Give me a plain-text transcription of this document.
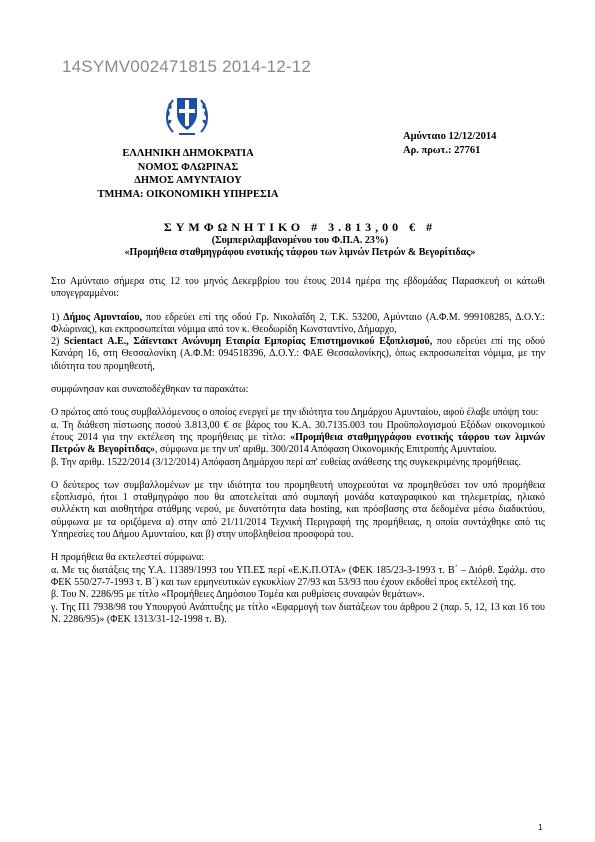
14SYMV002471815 2014-12-12
ΕΛΛΗΝΙΚΗ ΔΗΜΟΚΡΑΤΙΑ
ΝΟΜΟΣ ΦΛΩΡΙΝΑΣ
ΔΗΜΟΣ ΑΜΥΝΤΑΙΟΥ
ΤΜΗΜΑ: ΟΙΚΟΝΟΜΙΚΗ ΥΠΗΡΕΣΙΑ
Αμύνταιο 12/12/2014
Αρ. πρωτ.: 27761
ΣΥΜΦΩΝΗΤΙΚΟ # 3.813,00 € #
(Συμπεριλαμβανομένου του Φ.Π.Α. 23%)
«Προμήθεια σταθμηγράφου ενοτικής τάφρου των λιμνών Πετρών & Βεγορίτιδας»

Στο Αμύνταιο σήμερα στις 12 του μηνός Δεκεμβρίου του έτους 2014 ημέρα της εβδομάδας Παρασκευή οι κάτωθι υπογεγραμμένοι:

1) Δήμος Αμυνταίου, που εδρεύει επί της οδού Γρ. Νικολαΐδη 2, Τ.Κ. 53200, Αμύνταιο (Α.Φ.Μ. 999108285, Δ.Ο.Υ.: Φλώρινας), και εκπροσωπείται νόμιμα από τον κ. Θεοδωρίδη Κωνσταντίνο, Δήμαρχο,

2) Scientact Α.Ε., Σάϊεντακτ Ανώνυμη Εταιρία Εμπορίας Επιστημονικού Εξοπλισμού, που εδρεύει επί της οδού Κανάρη 16, στη Θεσσαλονίκη (Α.Φ.Μ: 094518396, Δ.Ο.Υ.: ΦΑΕ Θεσσαλονίκης), όπως εκπροσωπείται νόμιμα, με την ιδιότητα του προμηθευτή,

συμφώνησαν και συναποδέχθηκαν τα παρακάτω:

Ο πρώτος από τους συμβαλλόμενους ο οποίος ενεργεί με την ιδιότητα του Δημάρχου Αμυνταίου, αφού έλαβε υπόψη του:

α. Τη διάθεση πίστωσης ποσού 3.813,00 € σε βάρος του Κ.Α. 30.7135.003 του Προϋπολογισμού Εξόδων οικονομικού έτους 2014 για την εκτέλεση της προμήθειας με τίτλο: «Προμήθεια σταθμηγράφου ενοτικής τάφρου των λιμνών Πετρών & Βεγορίτιδας», σύμφωνα με την υπ' αριθμ. 300/2014 Απόφαση Οικονομικής Επιτροπής Αμυνταίου.

β. Την αριθμ. 1522/2014 (3/12/2014) Απόφαση Δημάρχου περί απ' ευθείας ανάθεσης της συγκεκριμένης προμήθειας.

Ο δεύτερος των συμβαλλομένων με την ιδιότητα του προμηθευτή υποχρεούται να προμηθεύσει τον υπό προμήθεια εξοπλισμό, ήτοι 1 σταθμηγράφο που θα αποτελείται από συμπαγή μονάδα καταγραφικού και τηλεμετρίας, ηλιακό συλλέκτη και αισθητήρα στάθμης νερού, με δυνατότητα data hosting, και πρόσβασης στα δεδομένα μέσω διαδικτύου, σύμφωνα με τα οριζόμενα α) στην από 21/11/2014 Τεχνική Περιγραφή της προμήθειας, η οποία συντάχθηκε από τις Υπηρεσίες του Δήμου Αμυνταίου, και β) στην υποβληθείσα προσφορά του.

Η προμήθεια θα εκτελεστεί σύμφωνα:

α. Με τις διατάξεις της Υ.Α. 11389/1993 του ΥΠ.ΕΣ περί «Ε.Κ.Π.ΟΤΑ» (ΦΕΚ 185/23-3-1993 τ. Β΄ – Διόρθ. Σφάλμ. στο ΦΕΚ 550/27-7-1993 τ. Β΄) και των ερμηνευτικών εγκυκλίων 27/93 και 53/93 που έχουν εκδοθεί προς εκτέλεσή της.

β. Του Ν. 2286/95 με τίτλο «Προμήθειες Δημόσιου Τομέα και ρυθμίσεις συναφών θεμάτων».

γ. Της Π1 7938/98 του Υπουργού Ανάπτυξης με τίτλο «Εφαρμογή των διατάξεων του άρθρου 2 (παρ. 5, 12, 13 και 16 του Ν. 2286/95)» (ΦΕΚ 1313/31-12-1998 τ. Β).

1
